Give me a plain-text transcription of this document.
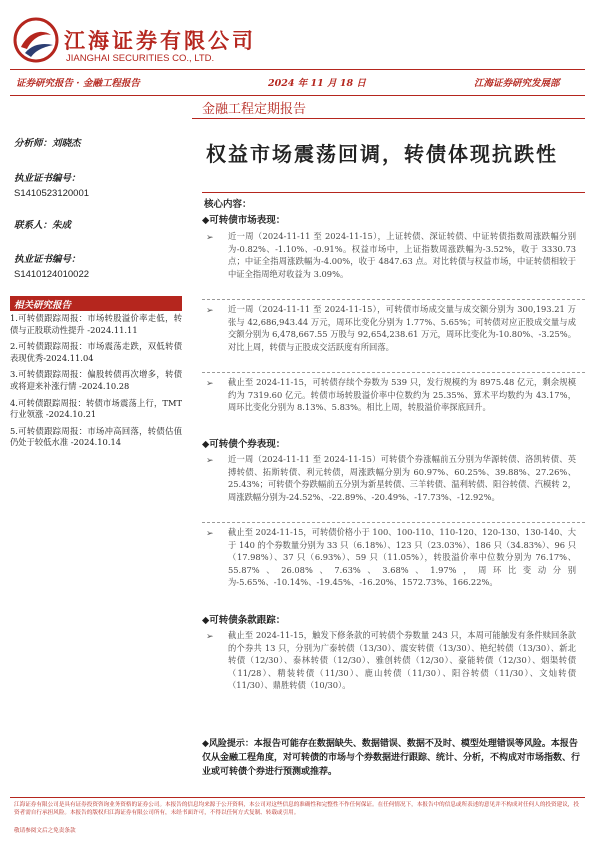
江海证券有限公司
JIANGHAI SECURITIES CO., LTD.
证券研究报告 · 金融工程报告	2024 年 11 月 18 日	江海证券研究发展部
金融工程定期报告
分析师：刘晓杰
执业证书编号：
S1410523120001
联系人：朱成
执业证书编号：
S1410124010022
相关研究报告
1.可转债跟踪周报：市场转股溢价率走低，转债与正股联动性提升 -2024.11.11
2.可转债跟踪周报：市场震荡走跌，双低转债表现优秀-2024.11.04
3.可转债跟踪周报：偏股转债再次增多，转债或将迎来补涨行情 -2024.10.28
4.可转债跟踪周报：转债市场震荡上行，TMT 行业领涨 -2024.10.21
5.可转债跟踪周报：市场冲高回落，转债估值仍处于较低水准 -2024.10.14
权益市场震荡回调，转债体现抗跌性
核心内容：
◆可转债市场表现：
➢ 近一周（2024-11-11 至 2024-11-15），上证转债、深证转债、中证转债指数周涨跌幅分别为-0.82%、-1.10%、-0.91%。权益市场中，上证指数周涨跌幅为-3.52%，收于 3330.73 点；中证全指周涨跌幅为-4.00%，收于 4847.63 点。对比转债与权益市场，中证转债相较于中证全指周绝对收益为 3.09%。
➢ 近一周（2024-11-11 至 2024-11-15），可转债市场成交量与成交额分别为 300,193.21 万张与 42,686,943.44 万元，周环比变化分别为 1.77%、5.65%；可转债对应正股成交量与成交额分别为 6,478,667.55 万股与 92,654,238.61 万元，周环比变化为-10.80%、-3.25%。对比上周，转债与正股成交活跃度有所回落。
➢ 截止至 2024-11-15，可转债存续个券数为 539 只，发行规模约为 8975.48 亿元，剩余规模约为 7319.60 亿元。转债市场转股溢价率中位数约为 25.35%、算术平均数约为 43.17%，周环比变化分别为 8.13%、5.83%。相比上周，转股溢价率探底回升。
◆可转债个券表现：
➢ 近一周（2024-11-11 至 2024-11-15）可转债个券涨幅前五分别为华源转债、洛凯转债、英搏转债、拓斯转债、利元转债，周涨跌幅分别为 60.97%、60.25%、39.88%、27.26%、25.43%；可转债个券跌幅前五分别为新星转债、三羊转债、温利转债、阳谷转债、汽模转 2，周涨跌幅分别为-24.52%、-22.89%、-20.49%、-17.73%、-12.92%。
➢ 截止至 2024-11-15，可转债价格小于 100、100-110、110-120、120-130、130-140、大于 140 的个券数量分别为 33 只（6.18%）、123 只（23.03%）、186 只（34.83%）、96 只（17.98%）、37 只（6.93%）、59 只（11.05%），转股溢价率中位数分别为 76.17%、55.87%、26.08%、7.63%、3.68%、1.97%，周环比变动分别为-5.65%、-10.14%、-19.45%、-16.20%、1572.73%、166.22%。
◆可转债条款跟踪：
➢ 截止至 2024-11-15，触发下修条款的可转债个券数量 243 只，本周可能触发有条件赎回条款的个券共 13 只，分别为广泰转债（13/30）、震安转债（13/30）、艳纪转债（13/30）、新北转债（12/30）、泰林转债（12/30）、雅创转债（12/30）、豪能转债（12/30）、烟渠转债（11/28）、精装转债（11/30）、鹿山转债（11/30）、阳谷转债（11/30）、文灿转债（11/30）、鼎胜转债（10/30）。
◆风险提示：本报告可能存在数据缺失、数据错误、数据不及时、模型处理错误等风险。本报告仅从金融工程角度，对可转债的市场与个券数据进行跟踪、统计、分析，不构成对市场指数、行业或可转债个券进行预测或推荐。
江海证券有限公司是具有证券投资咨询业务资格的证券公司。本报告的信息均来源于公开资料，本公司对这些信息的准确性和完整性不作任何保证。在任何情况下，本报告中的信息或所表述的意见并不构成对任何人的投资建议，投资者需自行承担风险。本报告的版权归江海证券有限公司所有，未经书面许可，不得以任何方式复制、转载或引用。
敬请参阅文后之免责条款
